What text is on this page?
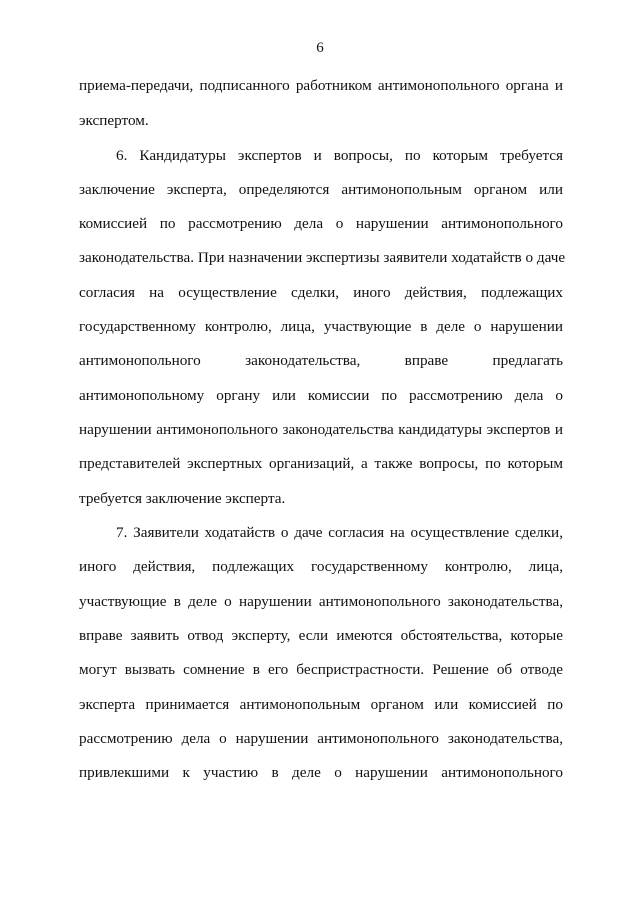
6
приема-передачи, подписанного работником антимонопольного органа и
экспертом.
6. Кандидатуры экспертов и вопросы, по которым требуется
заключение эксперта, определяются антимонопольным органом или
комиссией по рассмотрению дела о нарушении антимонопольного
законодательства. При назначении экспертизы заявители ходатайств о даче
согласия на осуществление сделки, иного действия, подлежащих
государственному контролю, лица, участвующие в деле о нарушении
антимонопольного законодательства, вправе предлагать
антимонопольному органу или комиссии по рассмотрению дела о
нарушении антимонопольного законодательства кандидатуры экспертов и
представителей экспертных организаций, а также вопросы, по которым
требуется заключение эксперта.
7. Заявители ходатайств о даче согласия на осуществление сделки,
иного действия, подлежащих государственному контролю, лица,
участвующие в деле о нарушении антимонопольного законодательства,
вправе заявить отвод эксперту, если имеются обстоятельства, которые
могут вызвать сомнение в его беспристрастности. Решение об отводе
эксперта принимается антимонопольным органом или комиссией по
рассмотрению дела о нарушении антимонопольного законодательства,
привлекшими к участию в деле о нарушении антимонопольного
